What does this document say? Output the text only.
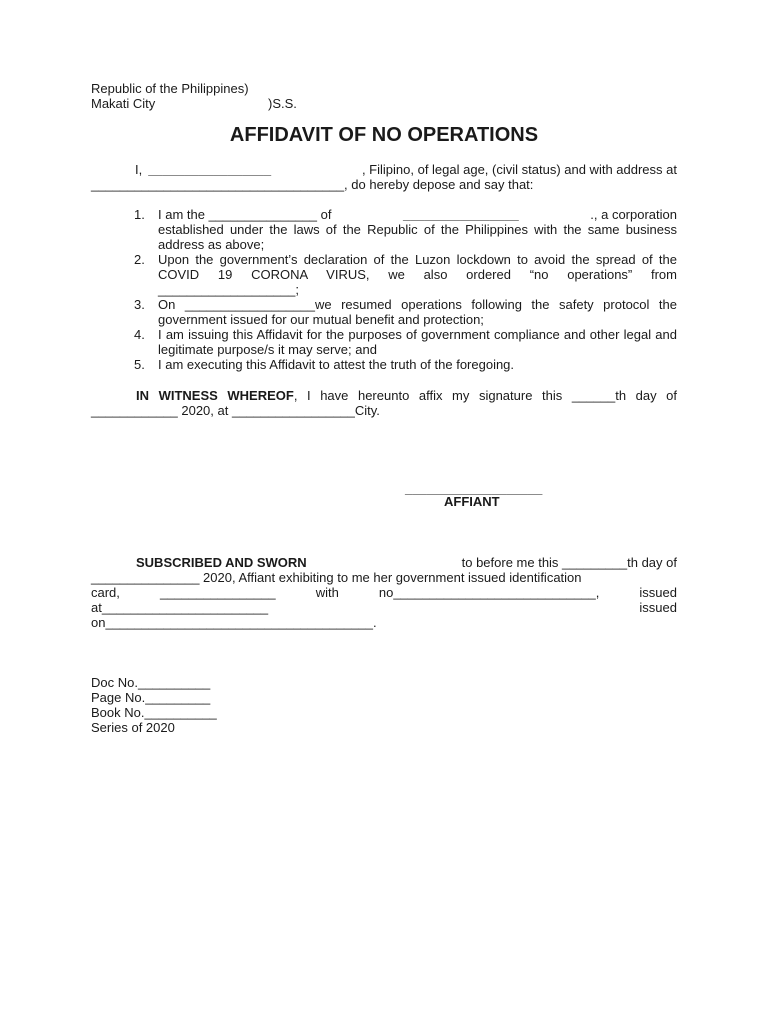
Republic of the Philippines)
Makati City	)S.S.
AFFIDAVIT OF NO OPERATIONS
I, _________________	, Filipino, of legal age, (civil status) and with address at
___________________________________, do hereby depose and say that:
1. I am the _______________ of	________________	., a corporation
established under the laws of the Republic of the Philippines with the same business address as above;
2. Upon the government’s declaration of the Luzon lockdown to avoid the spread of the COVID 19 CORONA VIRUS, we also ordered “no operations” from ___________________;
3. On __________________we resumed operations following the safety protocol the government issued for our mutual benefit and protection;
4. I am issuing this Affidavit for the purposes of government compliance and other legal and legitimate purpose/s it may serve; and
5. I am executing this Affidavit to attest the truth of the foregoing.
IN WITNESS WHEREOF, I have hereunto affix my signature this ______th day of ____________ 2020, at _________________City.
___________________
AFFIANT
SUBSCRIBED AND SWORN	to before me this _________th day of
_______________ 2020, Affiant exhibiting to me her government issued identification
card,	________________	with	no____________________________,	issued
at_______________________	issued
on_____________________________________.
Doc No.__________
Page No._________
Book No.__________
Series of 2020
